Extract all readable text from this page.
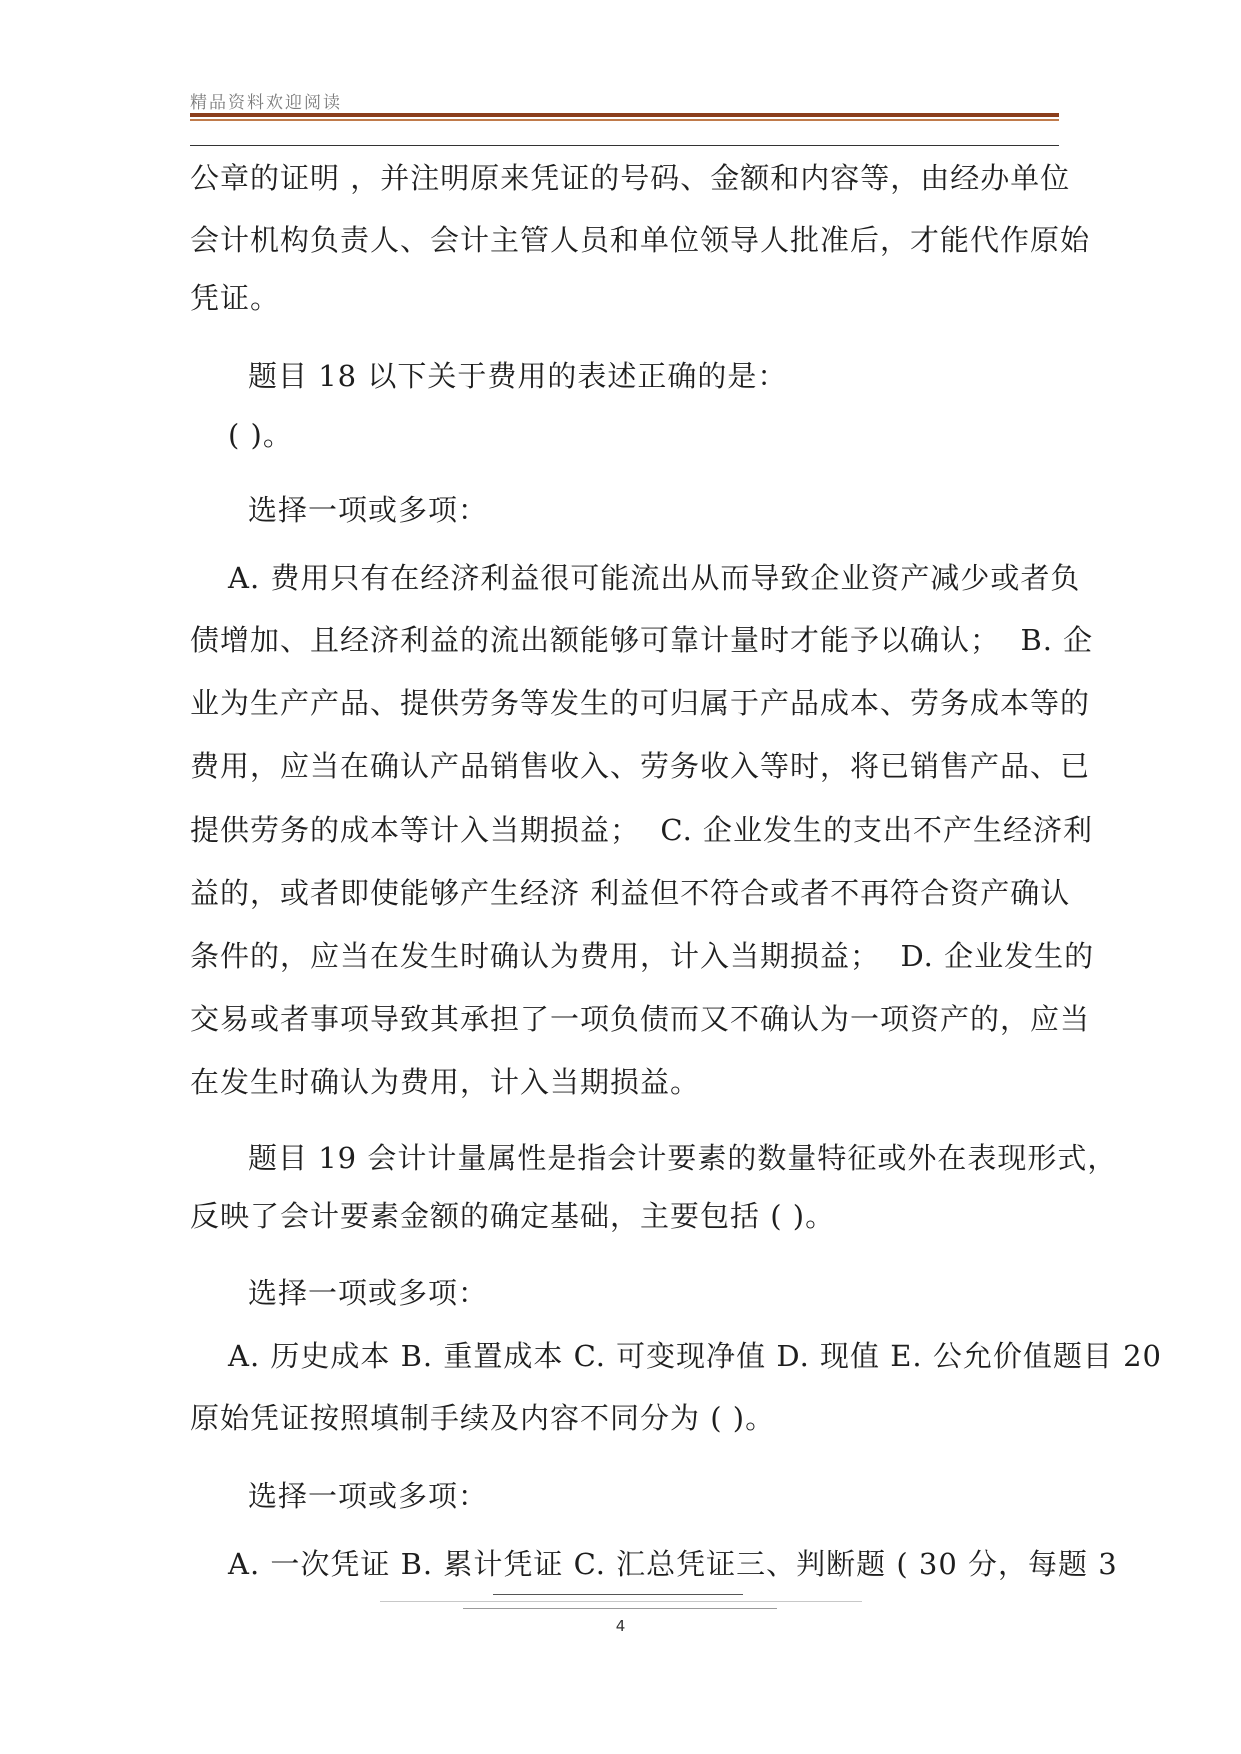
精品资料欢迎阅读
公章的证明 ，并注明原来凭证的号码、金额和内容等，由经办单位
会计机构负责人、会计主管人员和单位领导人批准后，才能代作原始
凭证。
题目 18 以下关于费用的表述正确的是：
( )。
选择一项或多项：
A. 费用只有在经济利益很可能流出从而导致企业资产减少或者负
债增加、且经济利益的流出额能够可靠计量时才能予以确认；  B. 企
业为生产产品、提供劳务等发生的可归属于产品成本、劳务成本等的
费用，应当在确认产品销售收入、劳务收入等时，将已销售产品、已
提供劳务的成本等计入当期损益；  C. 企业发生的支出不产生经济利
益的，或者即使能够产生经济 利益但不符合或者不再符合资产确认
条件的，应当在发生时确认为费用，计入当期损益；  D. 企业发生的
交易或者事项导致其承担了一项负债而又不确认为一项资产的，应当
在发生时确认为费用，计入当期损益。
题目 19 会计计量属性是指会计要素的数量特征或外在表现形式，
反映了会计要素金额的确定基础，主要包括 ( )。
选择一项或多项：
A. 历史成本 B. 重置成本 C. 可变现净值 D. 现值 E. 公允价值题目 20
原始凭证按照填制手续及内容不同分为 ( )。
选择一项或多项：
A. 一次凭证 B. 累计凭证 C. 汇总凭证三、判断题 ( 30 分，每题 3
4
